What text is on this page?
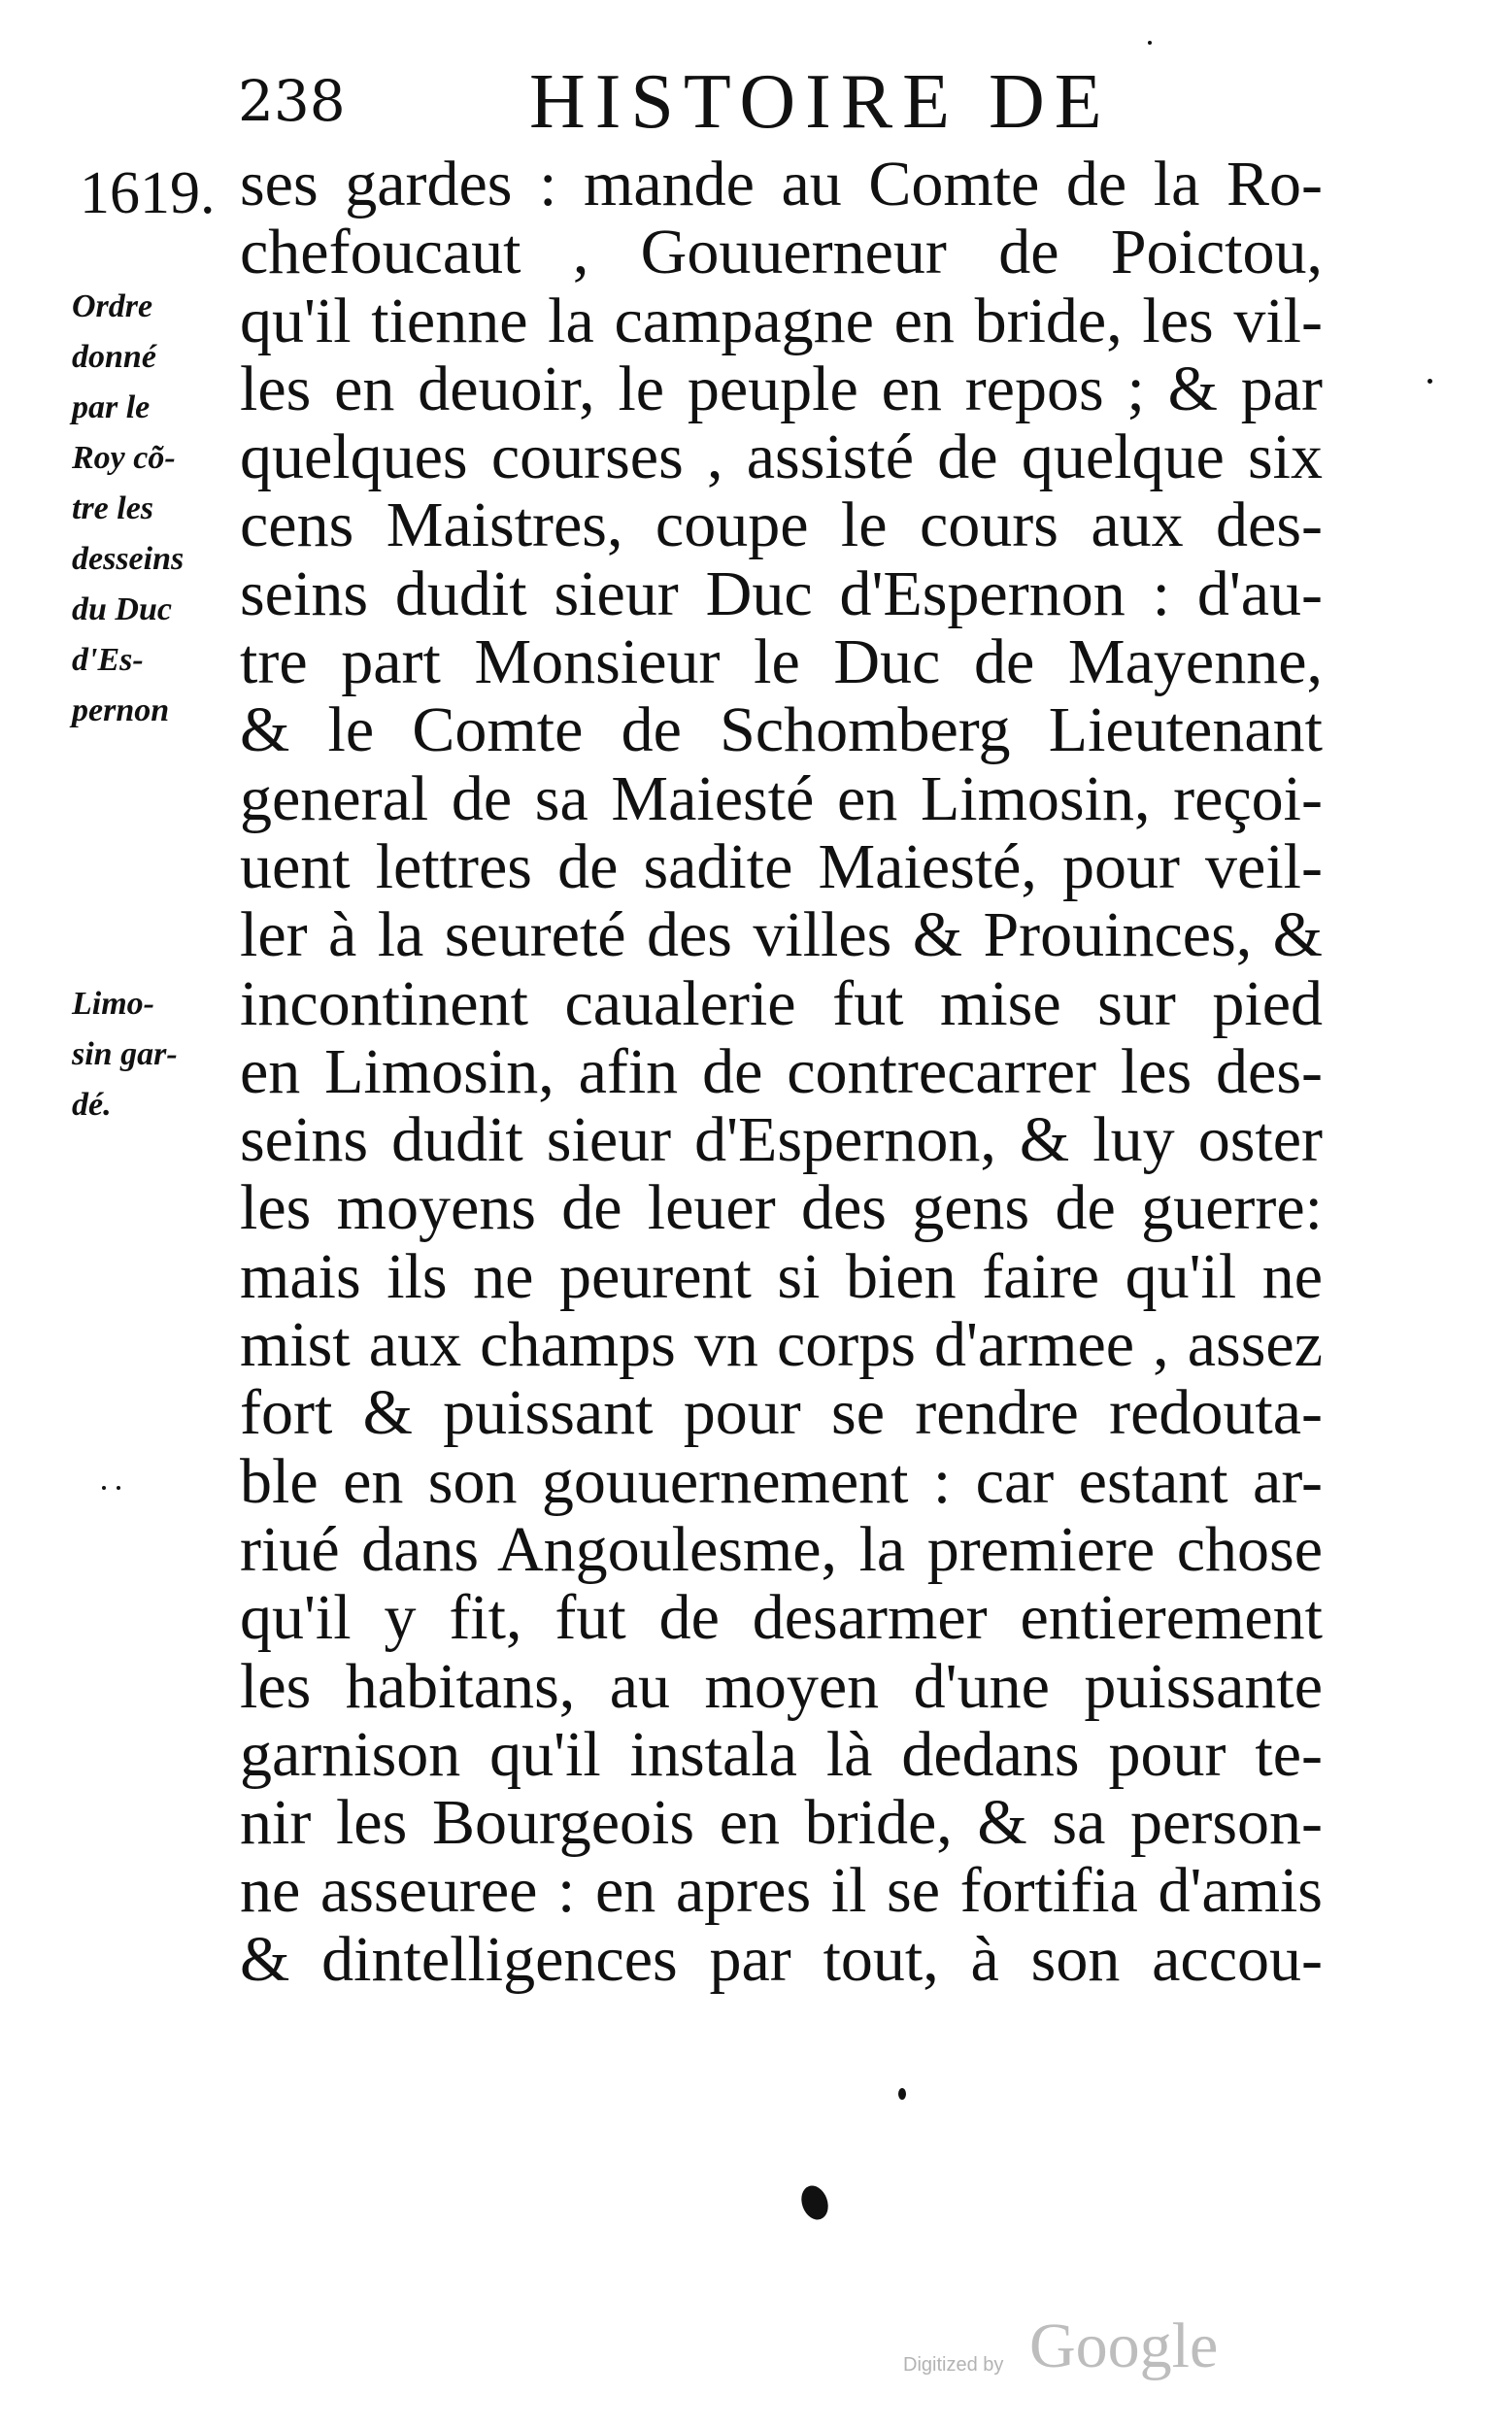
238 HISTOIRE DE
1619.
Ordre
donné
par le
Roy cõ-
tre les
desseins
du Duc
d'Es-
pernon
Limo-
sin gar-
dé.
ses gardes : mande au Comte de la Ro-
chefoucaut , Gouuerneur de Poictou,
qu'il tienne la campagne en bride, les vil-
les en deuoir, le peuple en repos ; & par
quelques courses , assisté de quelque six
cens Maistres, coupe le cours aux des-
seins dudit sieur Duc d'Espernon : d'au-
tre part Monsieur le Duc de Mayenne,
& le Comte de Schomberg Lieutenant
general de sa Maiesté en Limosin, reçoi-
uent lettres de sadite Maiesté, pour veil-
ler à la seureté des villes & Prouinces, &
incontinent caualerie fut mise sur pied
en Limosin, afin de contrecarrer les des-
seins dudit sieur d'Espernon, & luy oster
les moyens de leuer des gens de guerre:
mais ils ne peurent si bien faire qu'il ne
mist aux champs vn corps d'armee , assez
fort & puissant pour se rendre redouta-
ble en son gouuernement : car estant ar-
riué dans Angoulesme, la premiere chose
qu'il y fit, fut de desarmer entierement
les habitans, au moyen d'une puissante
garnison qu'il instala là dedans pour te-
nir les Bourgeois en bride, & sa person-
ne asseuree : en apres il se fortifia d'amis
& dintelligences par tout, à son accou-
Digitized by Google
